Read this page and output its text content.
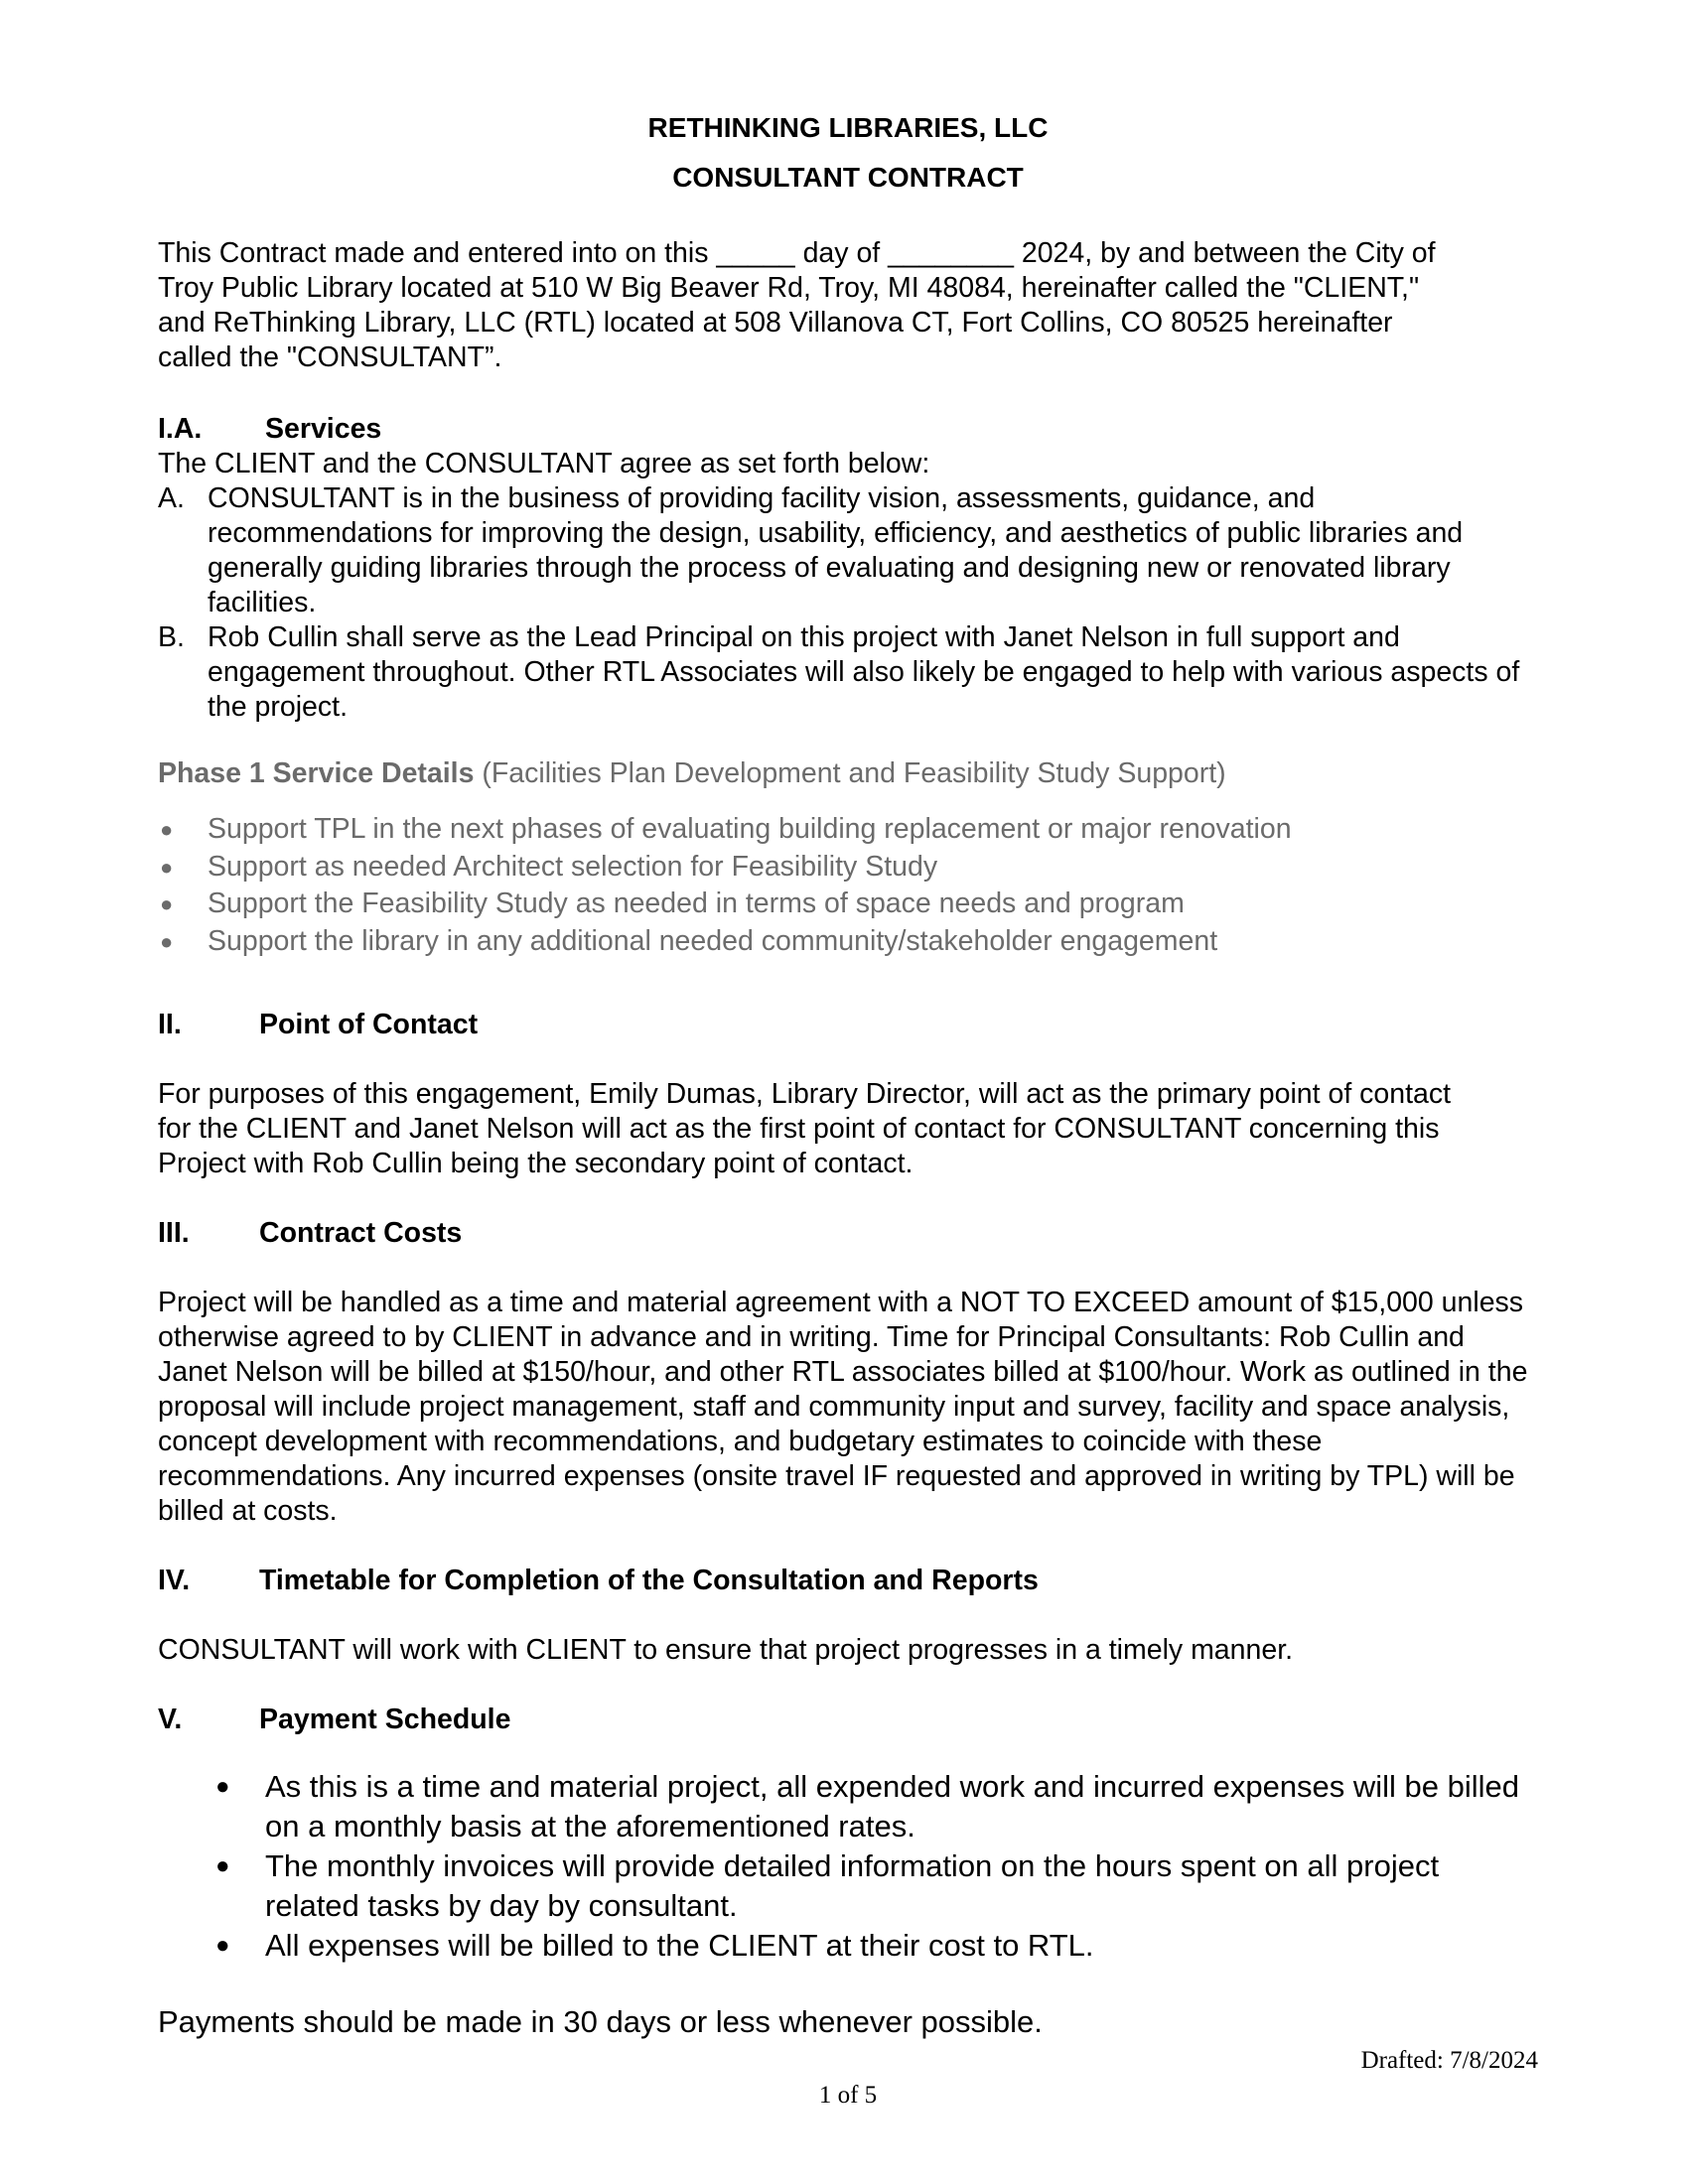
RETHINKING LIBRARIES, LLC
CONSULTANT CONTRACT

This Contract made and entered into on this _____ day of ________ 2024, by and between the City of Troy Public Library located at 510 W Big Beaver Rd, Troy, MI 48084, hereinafter called the "CLIENT," and ReThinking Library, LLC (RTL) located at 508 Villanova CT, Fort Collins, CO 80525 hereinafter called the "CONSULTANT”.

I.A. Services

The CLIENT and the CONSULTANT agree as set forth below:

A. CONSULTANT is in the business of providing facility vision, assessments, guidance, and recommendations for improving the design, usability, efficiency, and aesthetics of public libraries and generally guiding libraries through the process of evaluating and designing new or renovated library facilities.
B. Rob Cullin shall serve as the Lead Principal on this project with Janet Nelson in full support and engagement throughout. Other RTL Associates will also likely be engaged to help with various aspects of the project.

Phase 1 Service Details (Facilities Plan Development and Feasibility Study Support)

● Support TPL in the next phases of evaluating building replacement or major renovation
● Support as needed Architect selection for Feasibility Study
● Support the Feasibility Study as needed in terms of space needs and program
● Support the library in any additional needed community/stakeholder engagement

II.	Point of Contact

For purposes of this engagement, Emily Dumas, Library Director, will act as the primary point of contact for the CLIENT and Janet Nelson will act as the first point of contact for CONSULTANT concerning this Project with Rob Cullin being the secondary point of contact.

III. Contract Costs

Project will be handled as a time and material agreement with a NOT TO EXCEED amount of $15,000 unless otherwise agreed to by CLIENT in advance and in writing. Time for Principal Consultants: Rob Cullin and Janet Nelson will be billed at $150/hour, and other RTL associates billed at $100/hour. Work as outlined in the proposal will include project management, staff and community input and survey, facility and space analysis, concept development with recommendations, and budgetary estimates to coincide with these recommendations. Any incurred expenses (onsite travel IF requested and approved in writing by TPL) will be billed at costs.

IV. Timetable for Completion of the Consultation and Reports

CONSULTANT will work with CLIENT to ensure that project progresses in a timely manner.

V.	Payment Schedule

● As this is a time and material project, all expended work and incurred expenses will be billed on a monthly basis at the aforementioned rates.
● The monthly invoices will provide detailed information on the hours spent on all project related tasks by day by consultant.
● All expenses will be billed to the CLIENT at their cost to RTL.

Payments should be made in 30 days or less whenever possible.

Drafted: 7/8/2024
1 of 5
